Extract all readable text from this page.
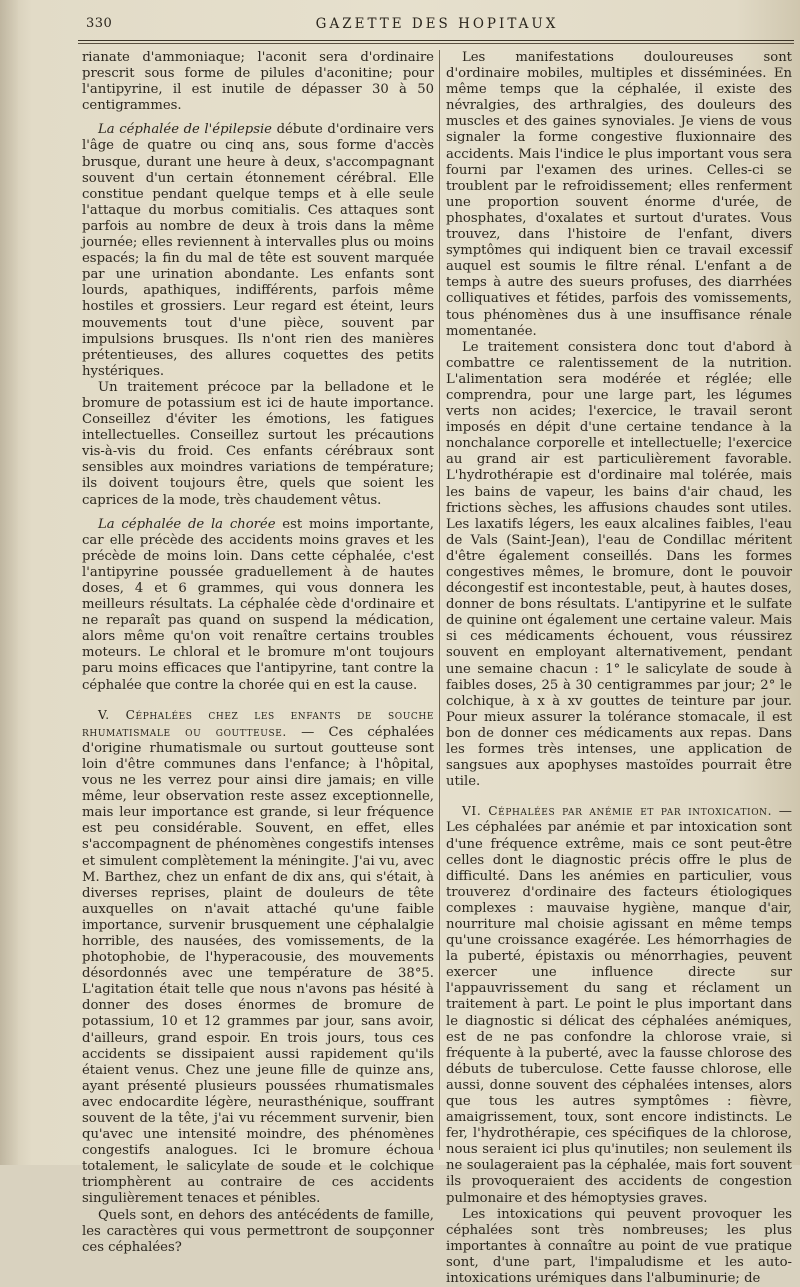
330	GAZETTE DES HOPITAUX

rianate d'ammoniaque; l'aconit sera d'ordinaire prescrit sous forme de pilules d'aconitine; pour l'antipyrine, il est inutile de dépasser 30 à 50 centigrammes.

La céphalée de l'épilepsie débute d'ordinaire vers l'âge de quatre ou cinq ans, sous forme d'accès brusque, durant une heure à deux, s'accompagnant souvent d'un certain étonnement cérébral. Elle constitue pendant quelque temps et à elle seule l'attaque du morbus comitialis. Ces attaques sont parfois au nombre de deux à trois dans la même journée; elles reviennent à intervalles plus ou moins espacés; la fin du mal de tête est souvent marquée par une urination abondante. Les enfants sont lourds, apathiques, indifférents, parfois même hostiles et grossiers. Leur regard est éteint, leurs mouvements tout d'une pièce, souvent par impulsions brusques. Ils n'ont rien des manières prétentieuses, des allures coquettes des petits hystériques.

Un traitement précoce par la belladone et le bromure de potassium est ici de haute importance. Conseillez d'éviter les émotions, les fatigues intellectuelles. Conseillez surtout les précautions vis-à-vis du froid. Ces enfants cérébraux sont sensibles aux moindres variations de température; ils doivent toujours être, quels que soient les caprices de la mode, très chaudement vêtus.

La céphalée de la chorée est moins importante, car elle précède des accidents moins graves et les précède de moins loin. Dans cette céphalée, c'est l'antipyrine poussée graduellement à de hautes doses, 4 et 6 grammes, qui vous donnera les meilleurs résultats. La céphalée cède d'ordinaire et ne reparaît pas quand on suspend la médication, alors même qu'on voit renaître certains troubles moteurs. Le chloral et le bromure m'ont toujours paru moins efficaces que l'antipyrine, tant contre la céphalée que contre la chorée qui en est la cause.

V. Céphalées chez les enfants de souche rhumatismale ou goutteuse. — Ces céphalées d'origine rhumatismale ou surtout goutteuse sont loin d'être communes dans l'enfance; à l'hôpital, vous ne les verrez pour ainsi dire jamais; en ville même, leur observation reste assez exceptionnelle, mais leur importance est grande, si leur fréquence est peu considérable. Souvent, en effet, elles s'accompagnent de phénomènes congestifs intenses et simulent complètement la méningite. J'ai vu, avec M. Barthez, chez un enfant de dix ans, qui s'était, à diverses reprises, plaint de douleurs de tête auxquelles on n'avait attaché qu'une faible importance, survenir brusquement une céphalalgie horrible, des nausées, des vomissements, de la photophobie, de l'hyperacousie, des mouvements désordonnés avec une température de 38°5. L'agitation était telle que nous n'avons pas hésité à donner des doses énormes de bromure de potassium, 10 et 12 grammes par jour, sans avoir, d'ailleurs, grand espoir. En trois jours, tous ces accidents se dissipaient aussi rapidement qu'ils étaient venus. Chez une jeune fille de quinze ans, ayant présenté plusieurs poussées rhumatismales avec endocardite légère, neurasthénique, souffrant souvent de la tête, j'ai vu récemment survenir, bien qu'avec une intensité moindre, des phénomènes congestifs analogues. Ici le bromure échoua totalement, le salicylate de soude et le colchique triomphèrent au contraire de ces accidents singulièrement tenaces et pénibles.

Quels sont, en dehors des antécédents de famille, les caractères qui vous permettront de soupçonner ces céphalées?

Les manifestations douloureuses sont d'ordinaire mobiles, multiples et disséminées. En même temps que la céphalée, il existe des névralgies, des arthralgies, des douleurs des muscles et des gaines synoviales. Je viens de vous signaler la forme congestive fluxionnaire des accidents. Mais l'indice le plus important vous sera fourni par l'examen des urines. Celles-ci se troublent par le refroidissement; elles renferment une proportion souvent énorme d'urée, de phosphates, d'oxalates et surtout d'urates. Vous trouvez, dans l'histoire de l'enfant, divers symptômes qui indiquent bien ce travail excessif auquel est soumis le filtre rénal. L'enfant a de temps à autre des sueurs profuses, des diarrhées colliquatives et fétides, parfois des vomissements, tous phénomènes dus à une insuffisance rénale momentanée.

Le traitement consistera donc tout d'abord à combattre ce ralentissement de la nutrition. L'alimentation sera modérée et réglée; elle comprendra, pour une large part, les légumes verts non acides; l'exercice, le travail seront imposés en dépit d'une certaine tendance à la nonchalance corporelle et intellectuelle; l'exercice au grand air est particulièrement favorable. L'hydrothérapie est d'ordinaire mal tolérée, mais les bains de vapeur, les bains d'air chaud, les frictions sèches, les affusions chaudes sont utiles. Les laxatifs légers, les eaux alcalines faibles, l'eau de Vals (Saint-Jean), l'eau de Condillac méritent d'être également conseillés. Dans les formes congestives mêmes, le bromure, dont le pouvoir décongestif est incontestable, peut, à hautes doses, donner de bons résultats. L'antipyrine et le sulfate de quinine ont également une certaine valeur. Mais si ces médicaments échouent, vous réussirez souvent en employant alternativement, pendant une semaine chacun : 1° le salicylate de soude à faibles doses, 25 à 30 centigrammes par jour; 2° le colchique, à x à xv gouttes de teinture par jour. Pour mieux assurer la tolérance stomacale, il est bon de donner ces médicaments aux repas. Dans les formes très intenses, une application de sangsues aux apophyses mastoïdes pourrait être utile.

VI. Céphalées par anémie et par intoxication. — Les céphalées par anémie et par intoxication sont d'une fréquence extrême, mais ce sont peut-être celles dont le diagnostic précis offre le plus de difficulté. Dans les anémies en particulier, vous trouverez d'ordinaire des facteurs étiologiques complexes : mauvaise hygiène, manque d'air, nourriture mal choisie agissant en même temps qu'une croissance exagérée. Les hémorrhagies de la puberté, épistaxis ou ménorrhagies, peuvent exercer une influence directe sur l'appauvrissement du sang et réclament un traitement à part. Le point le plus important dans le diagnostic si délicat des céphalées anémiques, est de ne pas confondre la chlorose vraie, si fréquente à la puberté, avec la fausse chlorose des débuts de tuberculose. Cette fausse chlorose, elle aussi, donne souvent des céphalées intenses, alors que tous les autres symptômes : fièvre, amaigrissement, toux, sont encore indistincts. Le fer, l'hydrothérapie, ces spécifiques de la chlorose, nous seraient ici plus qu'inutiles; non seulement ils ne soulageraient pas la céphalée, mais fort souvent ils provoqueraient des accidents de congestion pulmonaire et des hémoptysies graves.

Les intoxications qui peuvent provoquer les céphalées sont très nombreuses; les plus importantes à connaître au point de vue pratique sont, d'une part, l'impaludisme et les auto-intoxications urémiques dans l'albuminurie; de
